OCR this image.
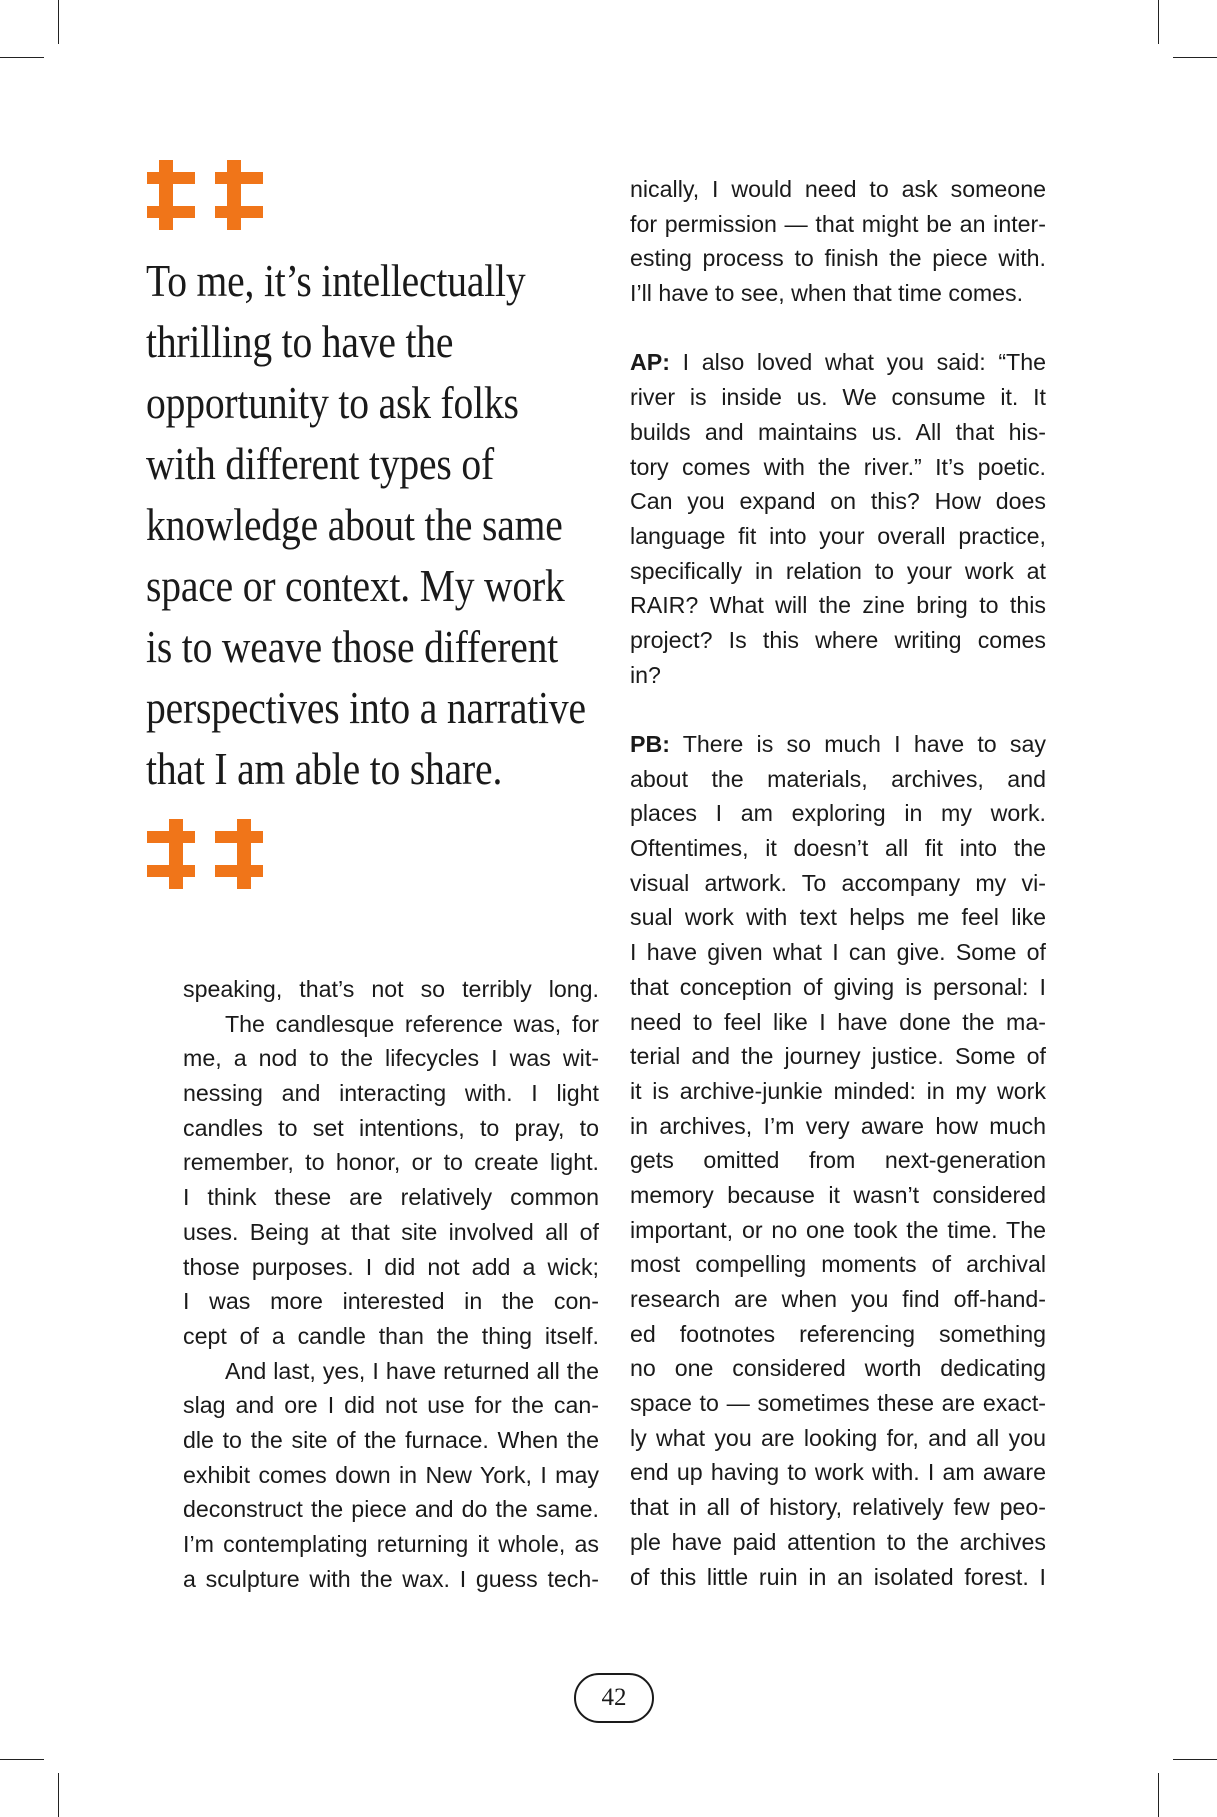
To me, it’s intellectually
thrilling to have the
opportunity to ask folks
with different types of
knowledge about the same
space or context. My work
is to weave those different
perspectives into a narrative
that I am able to share.
speaking, that’s not so terribly long.
The candlesque reference was, for
me, a nod to the lifecycles I was wit-
nessing and interacting with. I light
candles to set intentions, to pray, to
remember, to honor, or to create light.
I think these are relatively common
uses. Being at that site involved all of
those purposes. I did not add a wick;
I was more interested in the con-
cept of a candle than the thing itself.
And last, yes, I have returned all the
slag and ore I did not use for the can-
dle to the site of the furnace. When the
exhibit comes down in New York, I may
deconstruct the piece and do the same.
I’m contemplating returning it whole, as
a sculpture with the wax. I guess tech-
nically, I would need to ask someone
for permission — that might be an inter-
esting process to finish the piece with.
I’ll have to see, when that time comes.
AP: I also loved what you said: “The
river is inside us. We consume it. It
builds and maintains us. All that his-
tory comes with the river.” It’s poetic.
Can you expand on this? How does
language fit into your overall practice,
specifically in relation to your work at
RAIR? What will the zine bring to this
project? Is this where writing comes
in?
PB: There is so much I have to say
about the materials, archives, and
places I am exploring in my work.
Oftentimes, it doesn’t all fit into the
visual artwork. To accompany my vi-
sual work with text helps me feel like
I have given what I can give. Some of
that conception of giving is personal: I
need to feel like I have done the ma-
terial and the journey justice. Some of
it is archive-junkie minded: in my work
in archives, I’m very aware how much
gets omitted from next-generation
memory because it wasn’t considered
important, or no one took the time. The
most compelling moments of archival
research are when you find off-hand-
ed footnotes referencing something
no one considered worth dedicating
space to — sometimes these are exact-
ly what you are looking for, and all you
end up having to work with. I am aware
that in all of history, relatively few peo-
ple have paid attention to the archives
of this little ruin in an isolated forest. I
42
